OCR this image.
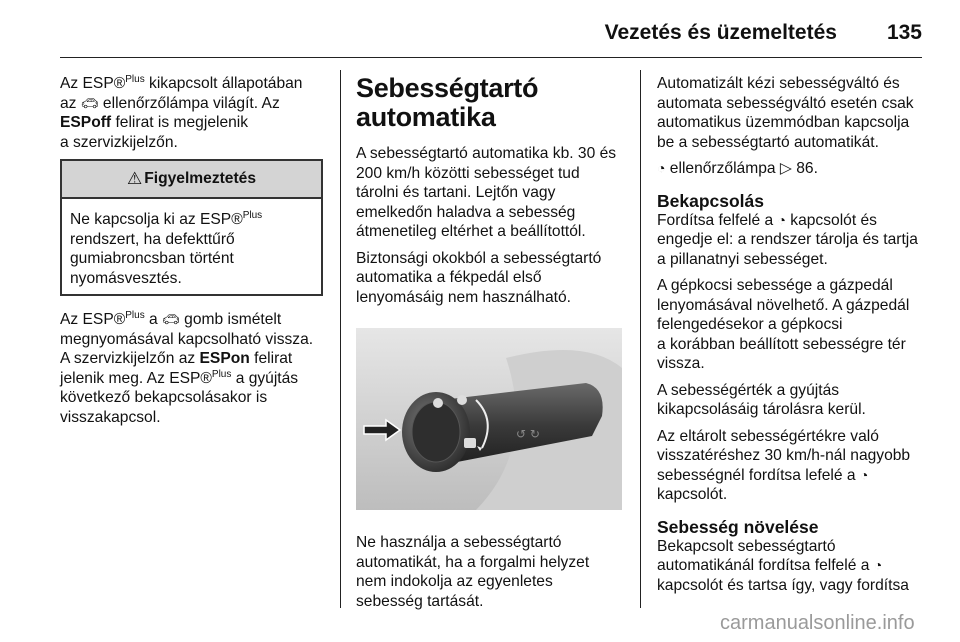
Vezetés és üzemeltetés 135

Az ESP®$^{Plus}$ kikapcsolt állapotában
az 🚗︎ ellenőrzőlámpa világít. Az
ESPoff felirat is megjelenik
a szervizkijelzőn.

⚠ Figyelmeztetés
Ne kapcsolja ki az ESP®$^{Plus}$
rendszert, ha defekttűrő
gumiabroncsban történt
nyomásvesztés.

Az ESP®$^{Plus}$ a 🚗︎ gomb ismételt
megnyomásával kapcsolható vissza.
A szervizkijelzőn az ESPon felirat
jelenik meg. Az ESP®$^{Plus}$ a gyújtás
következő bekapcsolásakor is
visszakapcsol.

Sebességtartó
automatika

A sebességtartó automatika kb. 30 és
200 km/h közötti sebességet tud
tárolni és tartani. Lejtőn vagy
emelkedőn haladva a sebesség
átmenetileg eltérhet a beállítottól.

Biztonsági okokból a sebességtartó
automatika a fékpedál első
lenyomásáig nem használható.

↺ ↻

Ne használja a sebességtartó
automatikát, ha a forgalmi helyzet
nem indokolja az egyenletes
sebesség tartását.

Automatizált kézi sebességváltó és
automata sebességváltó esetén csak
automatikus üzemmódban kapcsolja
be a sebességtartó automatikát.

◔ ellenőrzőlámpa ▷ 86.

Bekapcsolás

Fordítsa felfelé a ◔ kapcsolót és
engedje el: a rendszer tárolja és tartja
a pillanatnyi sebességet.

A gépkocsi sebessége a gázpedál
lenyomásával növelhető. A gázpedál
felengedésekor a gépkocsi
a korábban beállított sebességre tér
vissza.

A sebességérték a gyújtás
kikapcsolásáig tárolásra kerül.

Az eltárolt sebességértékre való
visszatéréshez 30 km/h-nál nagyobb
sebességnél fordítsa lefelé a ◔
kapcsolót.

Sebesség növelése

Bekapcsolt sebességtartó
automatikánál fordítsa felfelé a ◔
kapcsolót és tartsa így, vagy fordítsa

carmanualsonline.info
